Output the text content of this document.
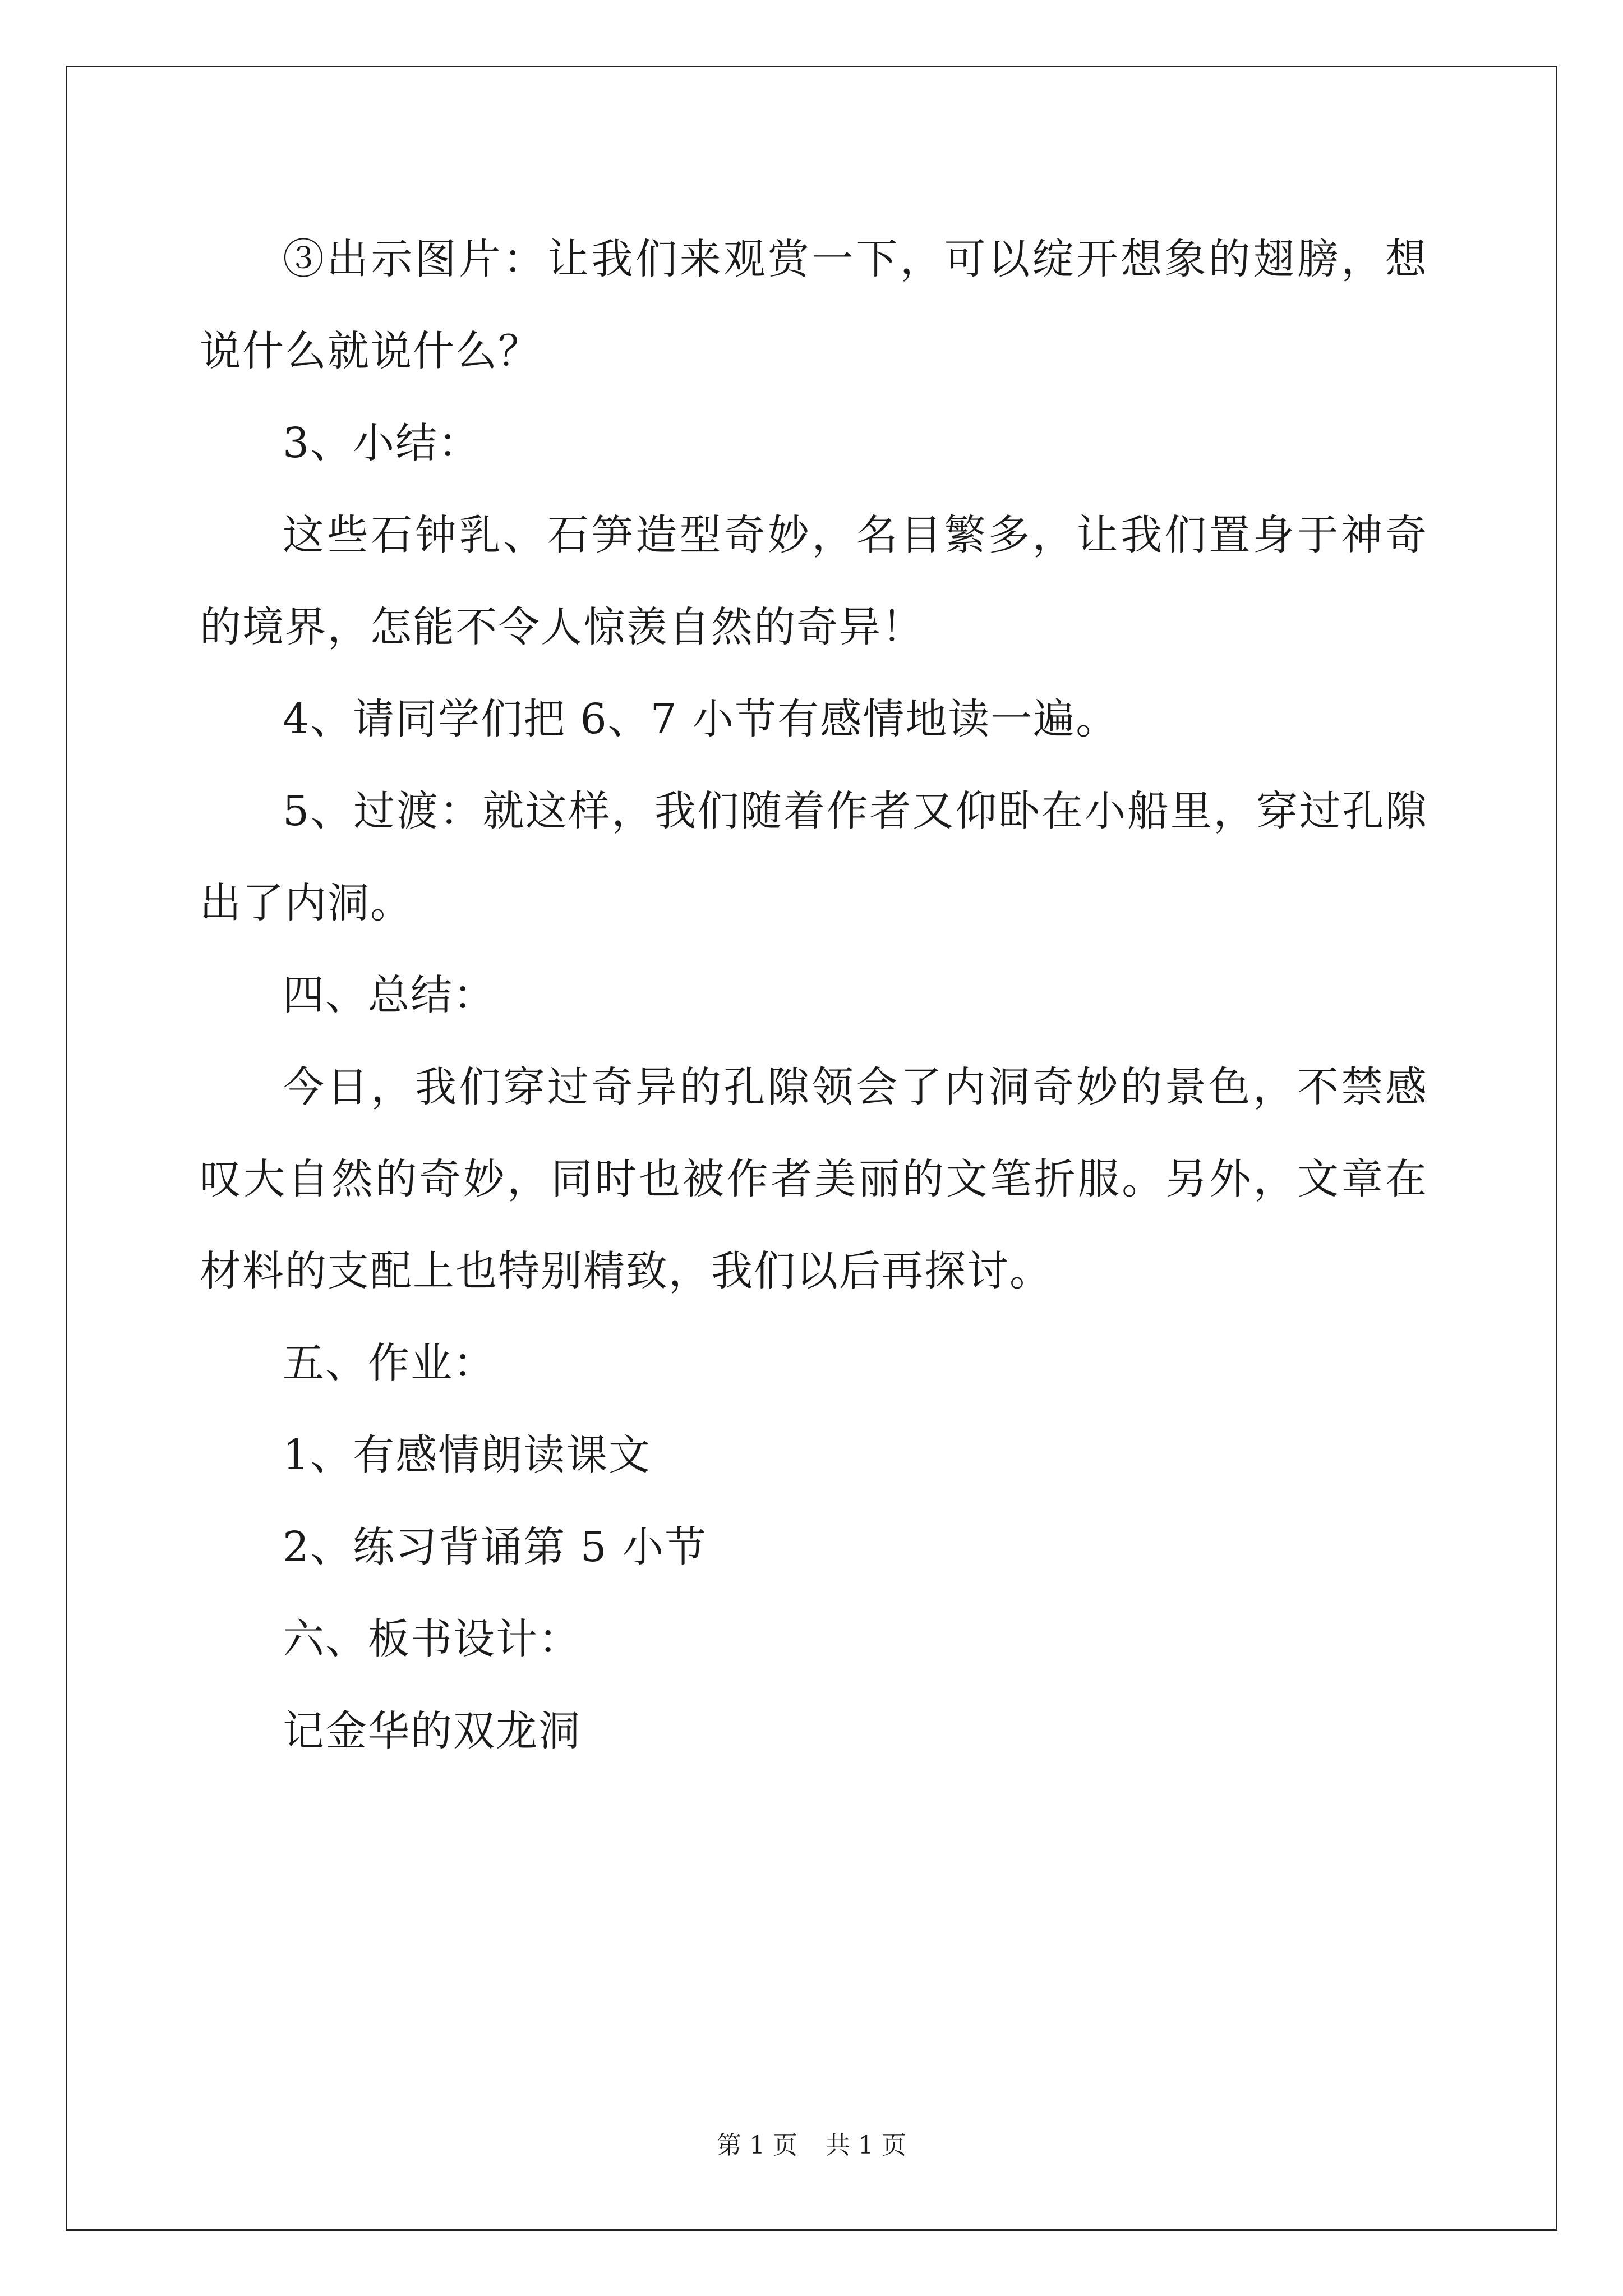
③出示图片：让我们来观赏一下，可以绽开想象的翅膀，想说什么就说什么？

3、小结：

这些石钟乳、石笋造型奇妙，名目繁多，让我们置身于神奇的境界，怎能不令人惊羡自然的奇异！

4、请同学们把 6、7 小节有感情地读一遍。

5、过渡：就这样，我们随着作者又仰卧在小船里，穿过孔隙出了内洞。

四、总结：

今日，我们穿过奇异的孔隙领会了内洞奇妙的景色，不禁感叹大自然的奇妙，同时也被作者美丽的文笔折服。另外，文章在材料的支配上也特别精致，我们以后再探讨。

五、作业：

1、有感情朗读课文

2、练习背诵第 5 小节

六、板书设计：

记金华的双龙洞

第 1 页 共 1 页
